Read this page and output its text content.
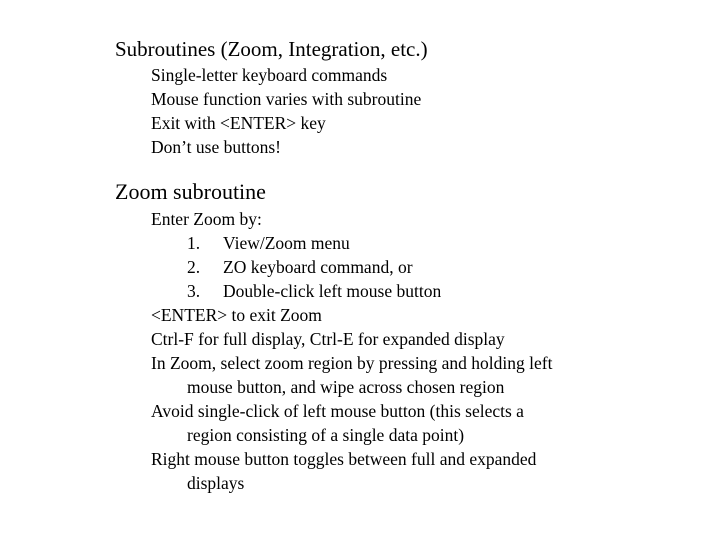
Subroutines (Zoom, Integration, etc.)
Single-letter keyboard commands
Mouse function varies with subroutine
Exit with <ENTER> key
Don’t use buttons!
Zoom subroutine
Enter Zoom by:
1. View/Zoom menu
2. ZO keyboard command, or
3. Double-click left mouse button
<ENTER> to exit Zoom
Ctrl-F for full display, Ctrl-E for expanded display
In Zoom, select zoom region by pressing and holding left
mouse button, and wipe across chosen region
Avoid single-click of left mouse button (this selects a
region consisting of a single data point)
Right mouse button toggles between full and expanded
displays
